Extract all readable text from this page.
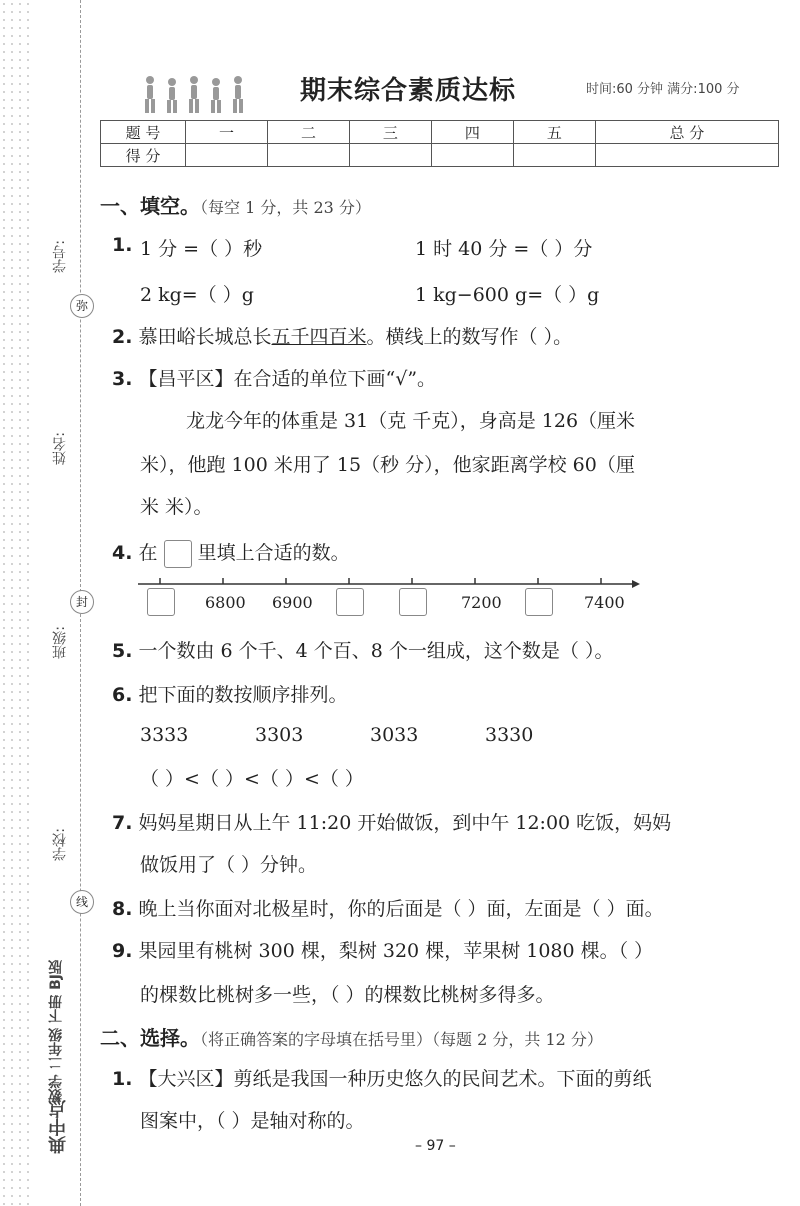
学号:
姓名:
班级:
学校:
弥
封
线
数学 二年级 下册 BJ版
典中点
期末综合素质达标	时间:60 分钟 满分:100 分
题 号	一	二	三	四	五	总 分
得 分						
一、填空。（每空 1 分，共 23 分）
1. 1 分 =（ ）秒	1 时 40 分 =（ ）分
2 kg=（ ）g	1 kg−600 g=（ ）g
2. 慕田峪长城总长五千四百米。横线上的数写作（ ）。
3. 【昌平区】在合适的单位下画“√”。
龙龙今年的体重是 31（克 千克），身高是 126（厘米
米），他跑 100 米用了 15（秒 分），他家距离学校 60（厘
米 米）。
4. 在 里填上合适的数。
6800 6900	7200	7400
5. 一个数由 6 个千、4 个百、8 个一组成，这个数是（ ）。
6. 把下面的数按顺序排列。
3333	3303	3033	3330
（ ）<（ ）<（ ）<（ ）
7. 妈妈星期日从上午 11:20 开始做饭，到中午 12:00 吃饭，妈妈
做饭用了（ ）分钟。
8. 晚上当你面对北极星时，你的后面是（ ）面，左面是（ ）面。
9. 果园里有桃树 300 棵，梨树 320 棵，苹果树 1080 棵。（ ）
的棵数比桃树多一些，（ ）的棵数比桃树多得多。
二、选择。（将正确答案的字母填在括号里）（每题 2 分，共 12 分）
1. 【大兴区】剪纸是我国一种历史悠久的民间艺术。下面的剪纸
图案中，（ ）是轴对称的。
– 97 –
